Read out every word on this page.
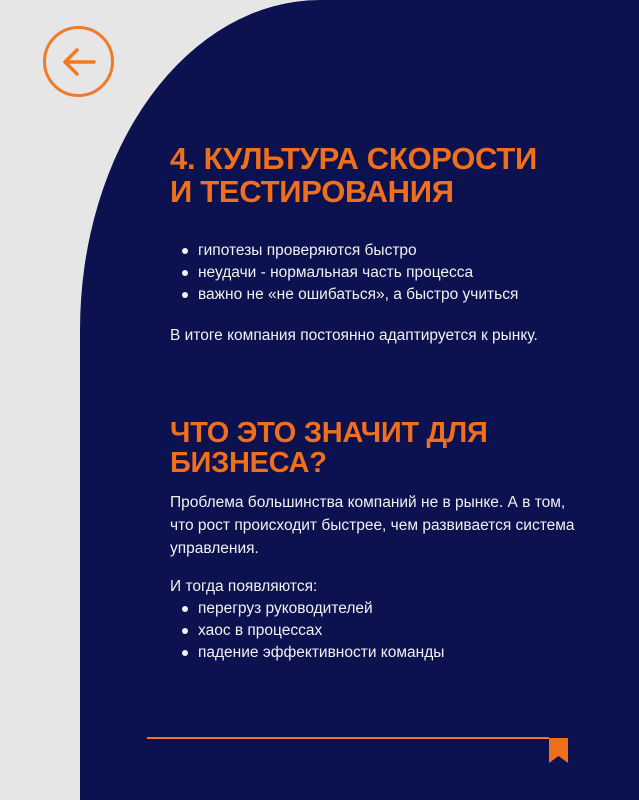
4. КУЛЬТУРА СКОРОСТИ И ТЕСТИРОВАНИЯ
гипотезы проверяются быстро
неудачи - нормальная часть процесса
важно не «не ошибаться», а быстро учиться

В итоге компания постоянно адаптируется к рынку.

ЧТО ЭТО ЗНАЧИТ ДЛЯ БИЗНЕСА?

Проблема большинства компаний не в рынке. А в том, что рост происходит быстрее, чем развивается система управления.

И тогда появляются:

перегруз руководителей
хаос в процессах
падение эффективности команды
